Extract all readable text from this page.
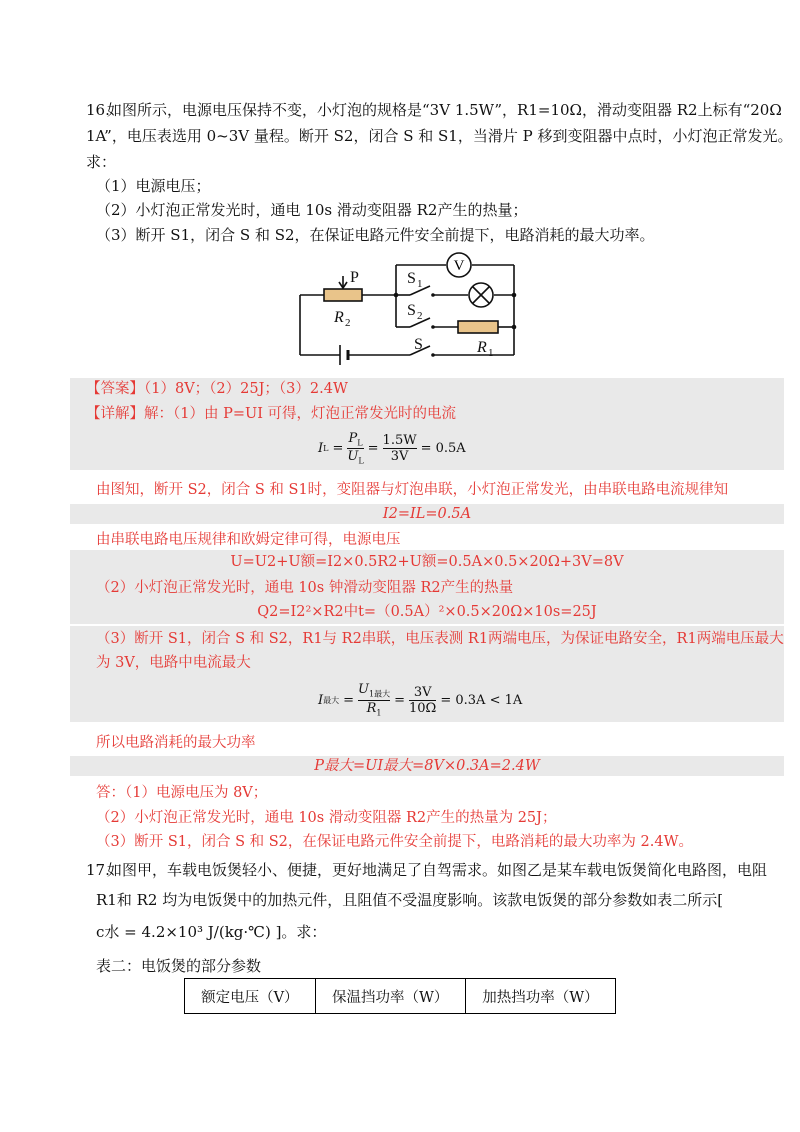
16.
如图所示，电源电压保持不变，小灯泡的规格是“3V 1.5W”，R1=10Ω，滑动变阻器 R2上标有“20Ω
1A”，电压表选用 0~3V 量程。断开 S2，闭合 S 和 S1，当滑片 P 移到变阻器中点时，小灯泡正常发光。
求：
（1）电源电压；
（2）小灯泡正常发光时，通电 10s 滑动变阻器 R2产生的热量；
（3）断开 S1，闭合 S 和 S2，在保证电路元件安全前提下，电路消耗的最大功率。
V
P
R 2
S 1
S 2
S	R 1
【答案】（1）8V；（2）25J；（3）2.4W
【详解】解：（1）由 P=UI 可得，灯泡正常发光时的电流
I L =
$P_L$
$U_L$
=
1.5W
3V
= 0.5A
由图知，断开 S2，闭合 S 和 S1时，变阻器与灯泡串联，小灯泡正常发光，由串联电路电流规律知
I2=IL=0.5A
由串联电路电压规律和欧姆定律可得，电源电压
U=U2+U额=I2×0.5R2+U额=0.5A×0.5×20Ω+3V=8V
（2）小灯泡正常发光时，通电 10s 钟滑动变阻器 R2产生的热量
Q2=I2²×R2中t=（0.5A）²×0.5×20Ω×10s=25J
（3）断开 S1，闭合 S 和 S2，R1与 R2串联，电压表测 R1两端电压，为保证电路安全，R1两端电压最大
为 3V，电路中电流最大
I 最大 =
$U_{1最大}$
$R_1$
=
3V
10Ω
= 0.3A < 1A
所以电路消耗的最大功率
P最大=UI最大=8V×0.3A=2.4W
答：（1）电源电压为 8V；
（2）小灯泡正常发光时，通电 10s 滑动变阻器 R2产生的热量为 25J；
（3）断开 S1，闭合 S 和 S2，在保证电路元件安全前提下，电路消耗的最大功率为 2.4W。
17.
如图甲，车载电饭煲轻小、便捷，更好地满足了自驾需求。如图乙是某车载电饭煲简化电路图，电阻
R1和 R2 均为电饭煲中的加热元件，且阻值不受温度影响。该款电饭煲的部分参数如表二所示[
c水 = 4.2×10³ J/(kg·℃) ]。求：
表二：电饭煲的部分参数
额定电压（V）	保温挡功率（W）	加热挡功率（W）
